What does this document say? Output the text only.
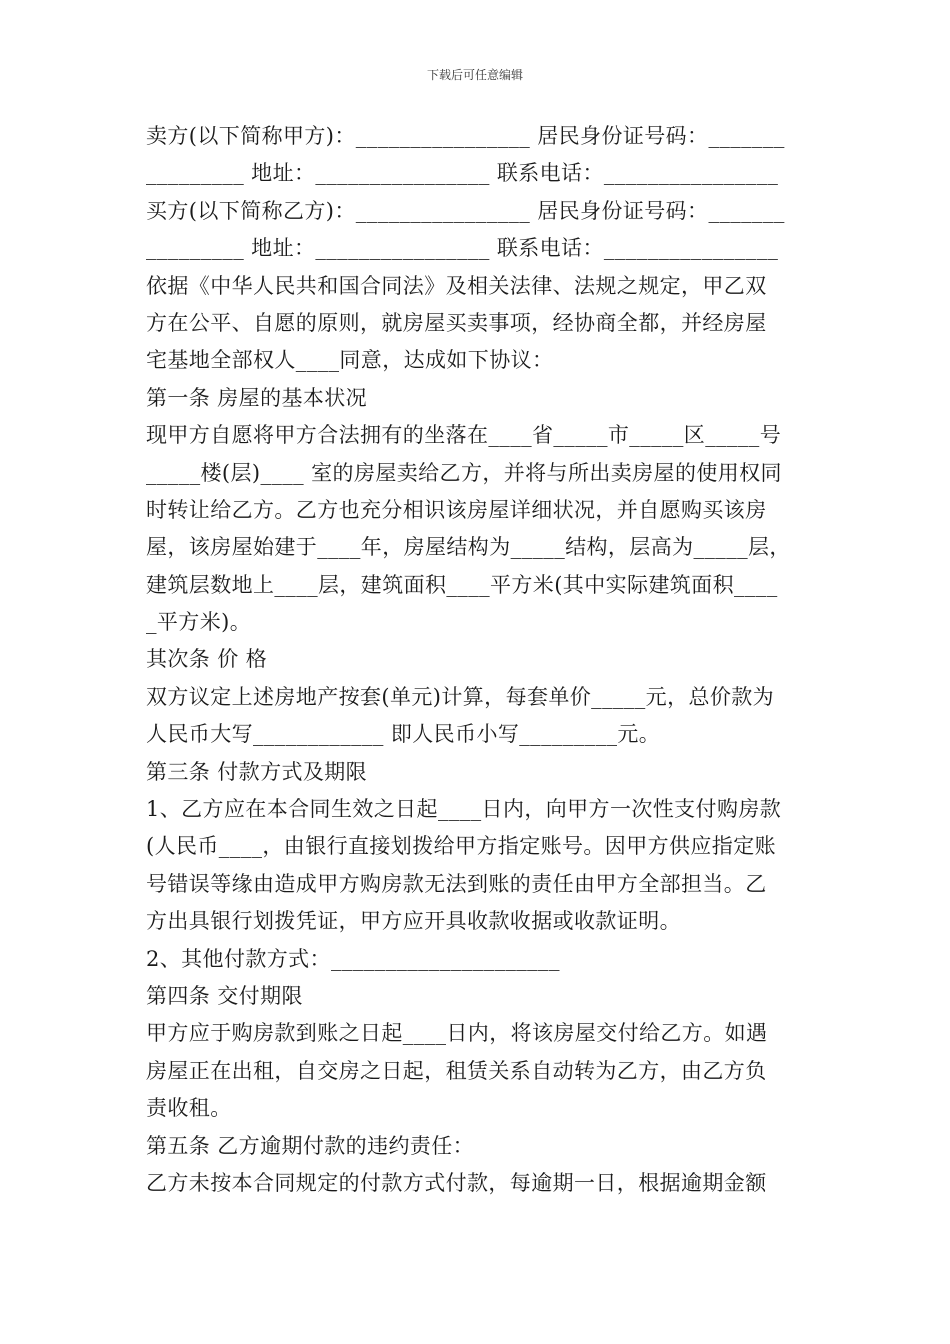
下载后可任意编辑
卖方(以下简称甲方)：________________ 居民身份证号码：_______
_________ 地址：________________ 联系电话：________________
买方(以下简称乙方)：________________ 居民身份证号码：_______
_________ 地址：________________ 联系电话：________________
依据《中华人民共和国合同法》及相关法律、法规之规定，甲乙双
方在公平、自愿的原则，就房屋买卖事项，经协商全都，并经房屋
宅基地全部权人____同意，达成如下协议：
第一条 房屋的基本状况
现甲方自愿将甲方合法拥有的坐落在____省_____市_____区_____号
_____楼(层)____ 室的房屋卖给乙方，并将与所出卖房屋的使用权同
时转让给乙方。乙方也充分相识该房屋详细状况，并自愿购买该房
屋，该房屋始建于____年，房屋结构为_____结构，层高为_____层，
建筑层数地上____层，建筑面积____平方米(其中实际建筑面积____
_平方米)。
其次条 价 格
双方议定上述房地产按套(单元)计算，每套单价_____元，总价款为
人民币大写____________ 即人民币小写_________元。
第三条 付款方式及期限
1、乙方应在本合同生效之日起____日内，向甲方一次性支付购房款
(人民币____，由银行直接划拨给甲方指定账号。因甲方供应指定账
号错误等缘由造成甲方购房款无法到账的责任由甲方全部担当。乙
方出具银行划拨凭证，甲方应开具收款收据或收款证明。
2、其他付款方式：_____________________
第四条 交付期限
甲方应于购房款到账之日起____日内，将该房屋交付给乙方。如遇
房屋正在出租，自交房之日起，租赁关系自动转为乙方，由乙方负
责收租。
第五条 乙方逾期付款的违约责任：
乙方未按本合同规定的付款方式付款，每逾期一日，根据逾期金额
